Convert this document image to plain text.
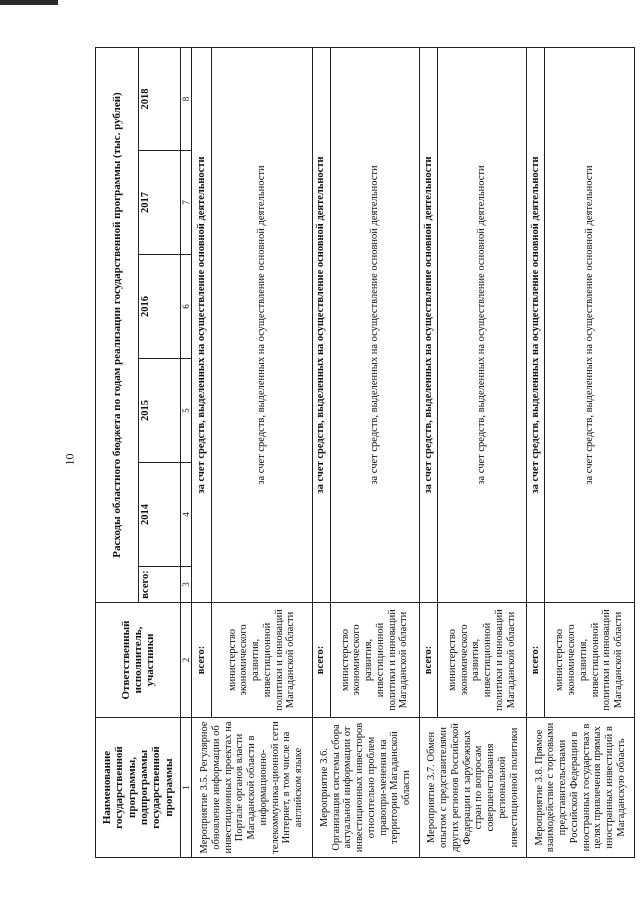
10
Наименование государственной программы, подпрограммы государственной программы	Ответственный исполнитель, участники	Расходы областного бюджета по годам реализации государственной программы (тыс. рублей)					
		всего:	2014	2015	2016	2017	2018
1	2	3	4	5	6	7	8
Мероприятие 3.5. Регулярное обновление информации об инвестиционных проектах на Портале органов власти Магаданской области в информационно-телекоммуника-ционной сети Интернет, в том числе на английском языке	всего:	за счет средств, выделенных на осуществление основной деятельности					
	министерство экономического развития, инвестиционной политики и инноваций Магаданской области	за счет средств, выделенных на осуществление основной деятельности					
Мероприятие 3.6. Организация системы сбора актуальной информации от инвестиционных инвесторов относительно проблем правопри-менения на территории Магаданской области	всего:	за счет средств, выделенных на осуществление основной деятельности					
	министерство экономического развития, инвестиционной политики и инноваций Магаданской области	за счет средств, выделенных на осуществление основной деятельности					
Мероприятие 3.7. Обмен опытом с представителями других регионов Российской Федерации и зарубежных стран по вопросам совершенствования региональной инвестиционной политики	всего:	за счет средств, выделенных на осуществление основной деятельности					
	министерство экономического развития, инвестиционной политики и инноваций Магаданской области	за счет средств, выделенных на осуществление основной деятельности					
Мероприятие 3.8. Прямое взаимодействие с торговыми представительствами Российской Федерации в иностранных государствах в целях привлечения прямых иностранных инвестиций в Магаданскую область	всего:	за счет средств, выделенных на осуществление основной деятельности					
	министерство экономического развития, инвестиционной политики и инноваций Магаданской области	за счет средств, выделенных на осуществление основной деятельности					
